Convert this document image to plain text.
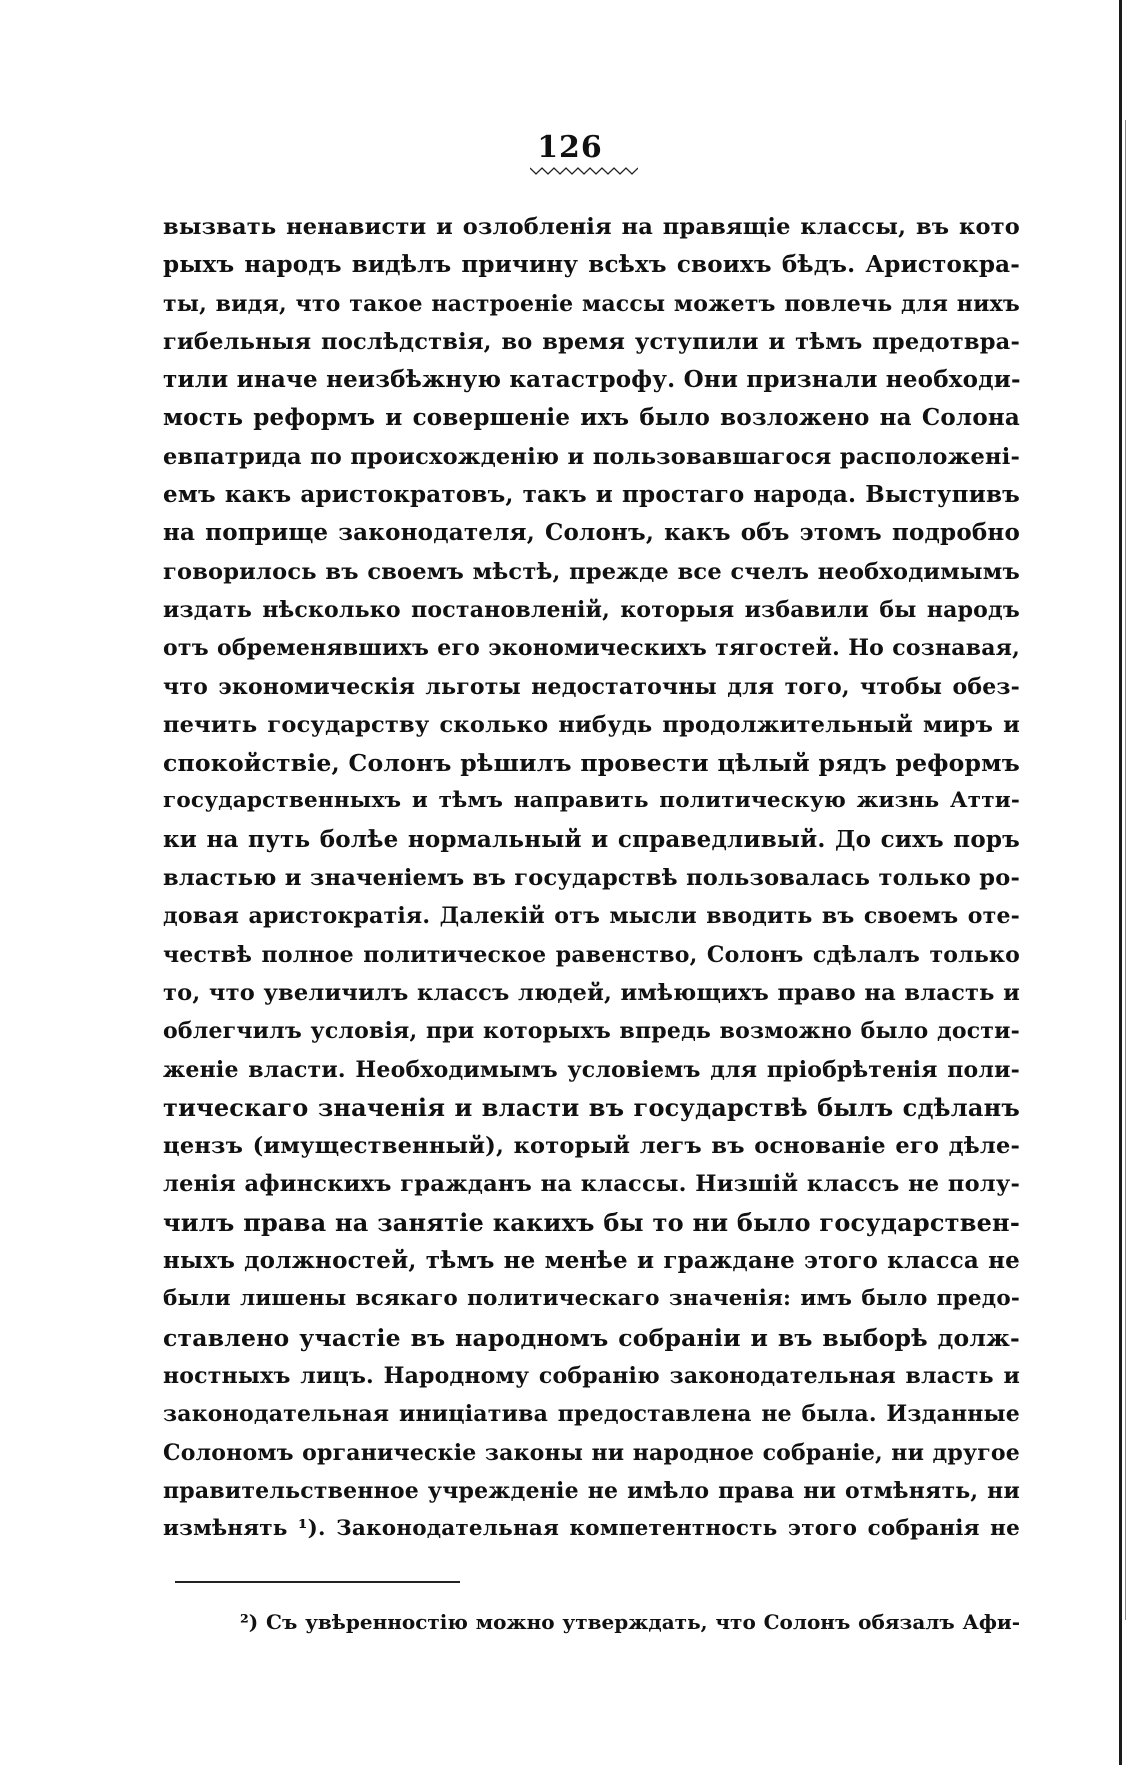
126
вызвать ненависти и озлобленія на правящіе классы, въ кото
рыхъ народъ видѣлъ причину всѣхъ своихъ бѣдъ. Аристокра-
ты, видя, что такое настроеніе массы можетъ повлечь для нихъ
гибельныя послѣдствія, во время уступили и тѣмъ предотвра-
тили иначе неизбѣжную катастрофу. Они признали необходи-
мость реформъ и совершеніе ихъ было возложено на Солона
евпатрида по происхожденію и пользовавшагося расположені-
емъ какъ аристократовъ, такъ и простаго народа. Выступивъ
на поприще законодателя, Солонъ, какъ объ этомъ подробно
говорилось въ своемъ мѣстѣ, прежде все счелъ необходимымъ
издать нѣсколько постановленій, которыя избавили бы народъ
отъ обременявшихъ его экономическихъ тягостей. Но сознавая,
что экономическія льготы недостаточны для того, чтобы обез-
печить государству сколько нибудь продолжительный миръ и
спокойствіе, Солонъ рѣшилъ провести цѣлый рядъ реформъ
государственныхъ и тѣмъ направить политическую жизнь Атти-
ки на путь болѣе нормальный и справедливый. До сихъ поръ
властью и значеніемъ въ государствѣ пользовалась только ро-
довая аристократія. Далекій отъ мысли вводить въ своемъ оте-
чествѣ полное политическое равенство, Солонъ сдѣлалъ только
то, что увеличилъ классъ людей, имѣющихъ право на власть и
облегчилъ условія, при которыхъ впредь возможно было дости-
женіе власти. Необходимымъ условіемъ для пріобрѣтенія поли-
тическаго значенія и власти въ государствѣ былъ сдѣланъ
цензъ (имущественный), который легъ въ основаніе его дѣле-
ленія афинскихъ гражданъ на классы. Низшій классъ не полу-
чилъ права на занятіе какихъ бы то ни было государствен-
ныхъ должностей, тѣмъ не менѣе и граждане этого класса не
были лишены всякаго политическаго значенія: имъ было предо-
ставлено участіе въ народномъ собраніи и въ выборѣ долж-
ностныхъ лицъ. Народному собранію законодательная власть и
законодательная иниціатива предоставлена не была. Изданные
Солономъ органическіе законы ни народное собраніе, ни другое
правительственное учрежденіе не имѣло права ни отмѣнять, ни
измѣнять ¹). Законодательная компетентность этого собранія не
²) Съ увѣренностію можно утверждать, что Солонъ обязалъ Афи-
